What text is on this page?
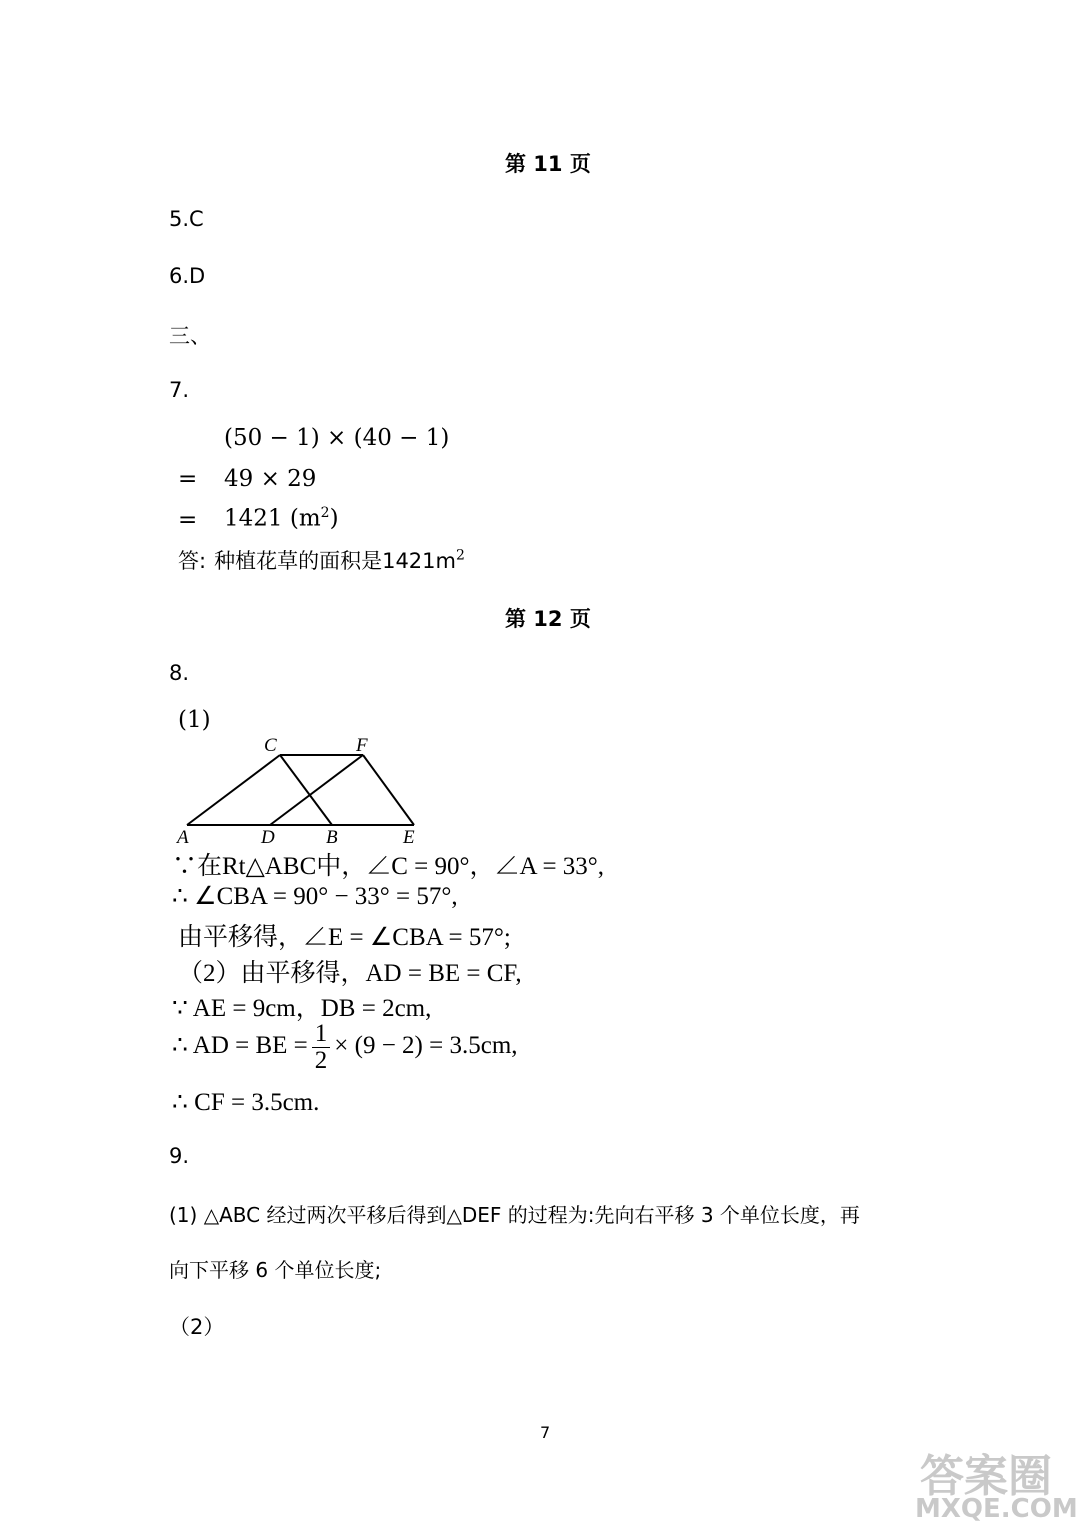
第 11 页
5.C
6.D
三、
7.
(50 − 1) × (40 − 1)
= 49 × 29
= 1421 $(m^2)$
答: 种植花草的面积是$1421m^2$
第 12 页
8.
(1)
C	F
A	D	B	E
∵在Rt△ABC中，∠C = 90°，∠A = 33°,
∴ ∠CBA = 90° − 33° = 57°,
由平移得，∠E = ∠CBA = 57°;
（2）由平移得，AD = BE = CF,
∵ AE = 9cm，DB = 2cm,
∴ AD = BE = $\frac{1}{2} \times (9 - 2) = 3.5cm$,
∴ CF = 3.5cm.
9.
(1) △ABC 经过两次平移后得到△DEF 的过程为:先向右平移 3 个单位长度，再
向下平移 6 个单位长度;
（2）
7
答案圈
MXQE.COM
